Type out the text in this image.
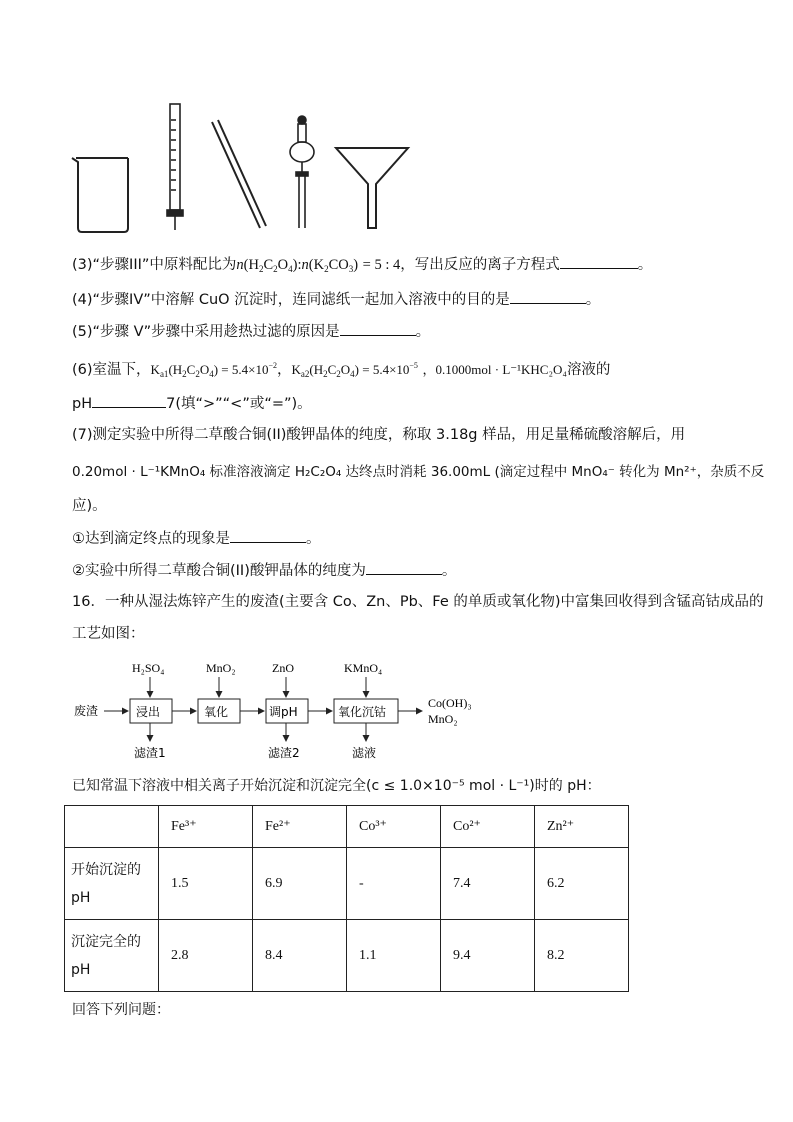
(3)“步骤III”中原料配比为$n(H_2C_2O_4):n(K_2CO_3) = 5$ : 4，写出反应的离子方程式	。
(4)“步骤IV”中溶解 CuO 沉淀时，连同滤纸一起加入溶液中的目的是	。
(5)“步骤 V”步骤中采用趁热过滤的原因是	。
(6)室温下，$K_{a1}(H_2C_2O_4) = 5.4\times 10^{-2}$，$K_{a2}(H_2C_2O_4) = 5.4\times 10^{-5}$ ，0.1000mol · L⁻¹KHC₂O₄溶液的
pH	7(填“>”“<”或“=”)。
(7)测定实验中所得二草酸合铜(II)酸钾晶体的纯度，称取 3.18g 样品，用足量稀硫酸溶解后，用
0.20mol · L⁻¹KMnO₄ 标准溶液滴定 H₂C₂O₄ 达终点时消耗 36.00mL (滴定过程中 MnO₄⁻ 转化为 Mn²⁺，杂质不反
应)。
①达到滴定终点的现象是	。
②实验中所得二草酸合铜(II)酸钾晶体的纯度为	。
16．一种从湿法炼锌产生的废渣(主要含 Co、Zn、Pb、Fe 的单质或氧化物)中富集回收得到含锰高钴成品的
工艺如图：
废渣	浸出
H₂SO₄
滤渣1
氧化
MnO₂
调pH
ZnO
滤渣2
氧化沉钴
KMnO₄
滤液
Co(OH)₃
MnO₂
已知常温下溶液中相关离子开始沉淀和沉淀完全(c ≤ 1.0×10⁻⁵ mol · L⁻¹)时的 pH：
	Fe³⁺	Fe²⁺	Co³⁺	Co²⁺	Zn²⁺

开始沉淀的
pH	1.5	6.9	-	7.4	6.2

沉淀完全的
pH	2.8	8.4	1.1	9.4	8.2
回答下列问题：
